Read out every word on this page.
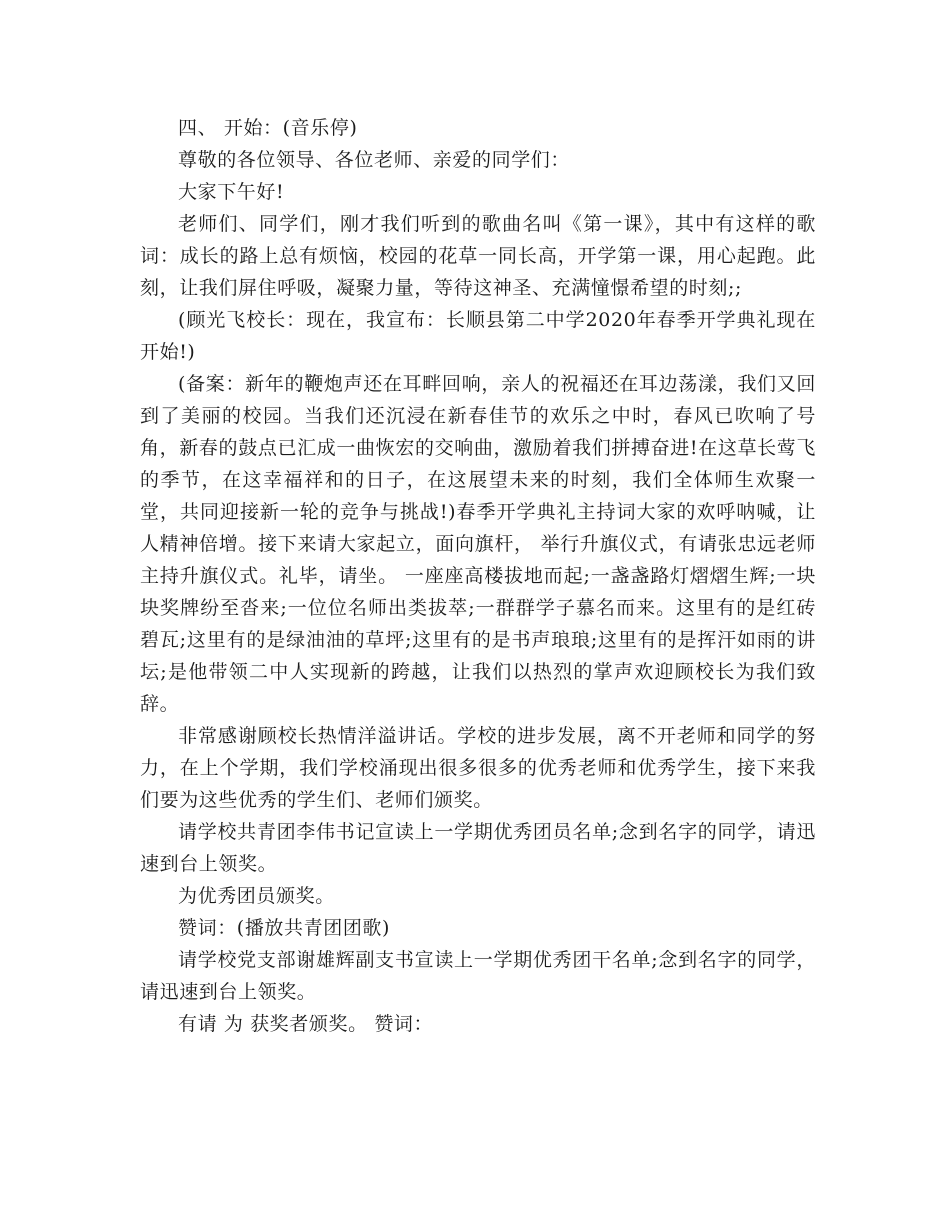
四、 开始：(音乐停)

尊敬的各位领导、各位老师、亲爱的同学们：

大家下午好!

老师们、同学们，刚才我们听到的歌曲名叫《第一课》，其中有这样的歌词：成长的路上总有烦恼，校园的花草一同长高，开学第一课，用心起跑。此刻，让我们屏住呼吸，凝聚力量，等待这神圣、充满憧憬希望的时刻;;

(顾光飞校长：现在，我宣布：长顺县第二中学2020年春季开学典礼现在开始!)

(备案：新年的鞭炮声还在耳畔回响，亲人的祝福还在耳边荡漾，我们又回到了美丽的校园。当我们还沉浸在新春佳节的欢乐之中时，春风已吹响了号角，新春的鼓点已汇成一曲恢宏的交响曲，激励着我们拼搏奋进!在这草长莺飞的季节，在这幸福祥和的日子，在这展望未来的时刻，我们全体师生欢聚一堂，共同迎接新一轮的竞争与挑战!)春季开学典礼主持词大家的欢呼呐喊，让人精神倍增。接下来请大家起立，面向旗杆， 举行升旗仪式，有请张忠远老师主持升旗仪式。礼毕，请坐。 一座座高楼拔地而起;一盏盏路灯熠熠生辉;一块块奖牌纷至沓来;一位位名师出类拔萃;一群群学子慕名而来。这里有的是红砖碧瓦;这里有的是绿油油的草坪;这里有的是书声琅琅;这里有的是挥汗如雨的讲坛;是他带领二中人实现新的跨越，让我们以热烈的掌声欢迎顾校长为我们致辞。

非常感谢顾校长热情洋溢讲话。学校的进步发展，离不开老师和同学的努力，在上个学期，我们学校涌现出很多很多的优秀老师和优秀学生，接下来我们要为这些优秀的学生们、老师们颁奖。

请学校共青团李伟书记宣读上一学期优秀团员名单;念到名字的同学，请迅速到台上领奖。

为优秀团员颁奖。

赞词：(播放共青团团歌)

请学校党支部谢雄辉副支书宣读上一学期优秀团干名单;念到名字的同学，请迅速到台上领奖。

有请 为 获奖者颁奖。 赞词：
